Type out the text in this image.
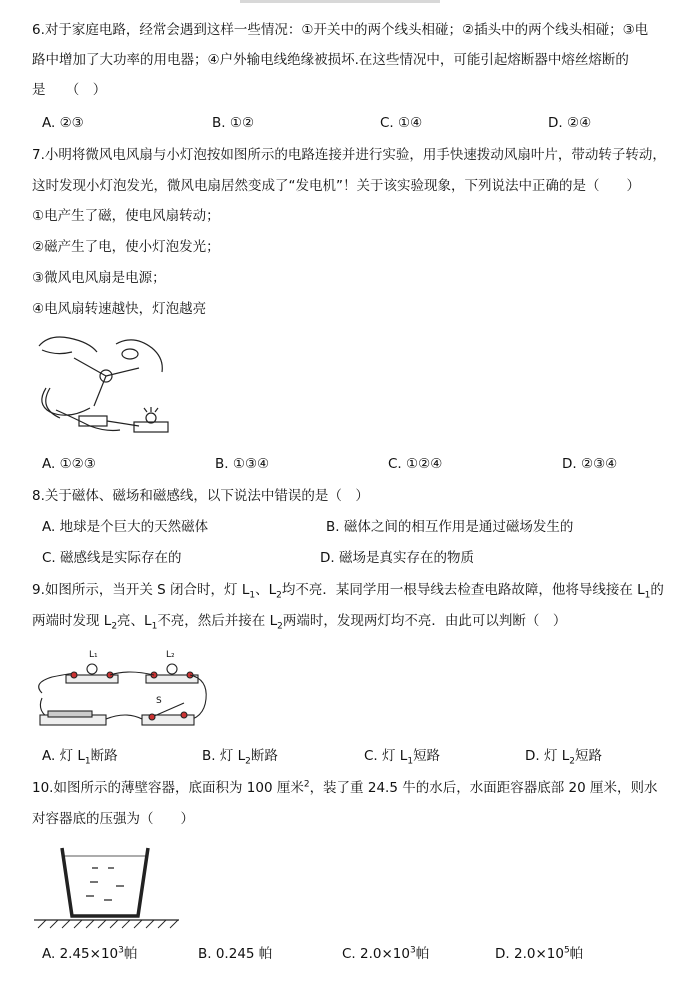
6.对于家庭电路，经常会遇到这样一些情况：①开关中的两个线头相碰；②插头中的两个线头相碰；③电
路中增加了大功率的用电器；④户外输电线绝缘被损坏.在这些情况中，可能引起熔断器中熔丝熔断的
是　　（　）
A. ②③	B. ①②	C. ①④	D. ②④
7.小明将微风电风扇与小灯泡按如图所示的电路连接并进行实验，用手快速拨动风扇叶片，带动转子转动，
这时发现小灯泡发光，微风电扇居然变成了“发电机”！关于该实验现象，下列说法中正确的是（　　）
①电产生了磁，使电风扇转动；
②磁产生了电，使小灯泡发光；
③微风电风扇是电源；
④电风扇转速越快，灯泡越亮
A. ①②③	B. ①③④	C. ①②④	D. ②③④
8.关于磁体、磁场和磁感线，以下说法中错误的是（　）
A. 地球是个巨大的天然磁体	B. 磁体之间的相互作用是通过磁场发生的
C. 磁感线是实际存在的	D. 磁场是真实存在的物质
9.如图所示，当开关 S 闭合时，灯 $L_1$、$L_2$均不亮．某同学用一根导线去检查电路故障，他将导线接在 $L_1$的
两端时发现 $L_2$亮、$L_1$不亮，然后并接在 $L_2$两端时，发现两灯均不亮．由此可以判断（　）
L₁	L₂
S
A. 灯 $L_1$断路	B. 灯 $L_2$断路	C. 灯 $L_1$短路	D. 灯 $L_2$短路
10.如图所示的薄壁容器，底面积为 100 厘米$^2$，装了重 24.5 牛的水后，水面距容器底部 20 厘米，则水
对容器底的压强为（　　）
A. $2.45\times 10^3$帕	B. 0.245 帕	C. $2.0\times 10^3$帕	D. $2.0\times 10^5$帕
